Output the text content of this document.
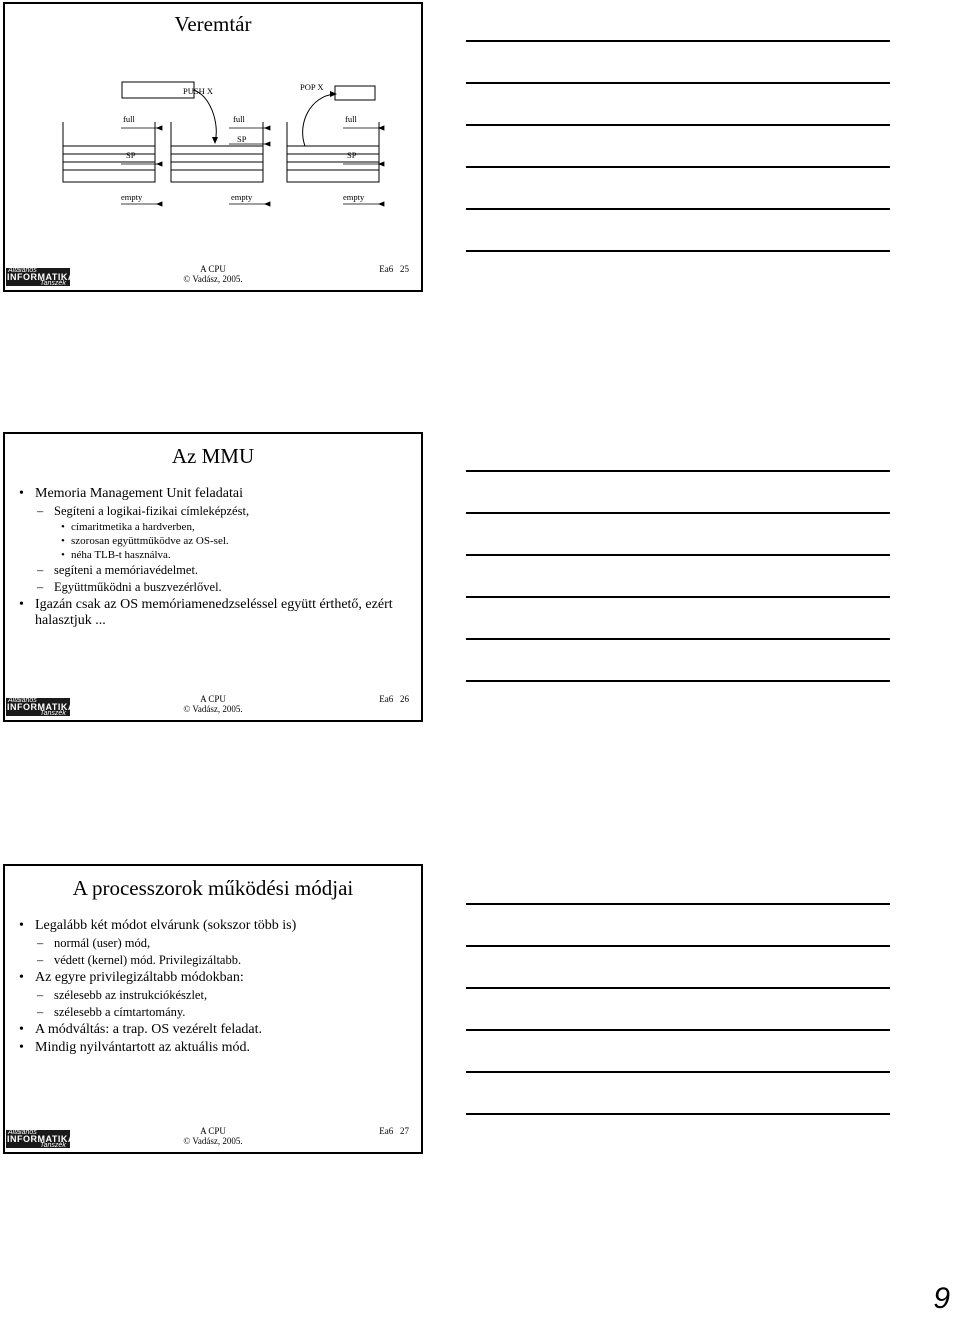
Veremtár
PUSH X	POP X
full
SP
empty
full
SP
empty
full
SP
empty
Általános
INFORMATIKAI
Tanszék
A CPU
© Vadász, 2005.
Ea6 25
Az MMU
• Memoria Management Unit feladatai
– Segíteni a logikai-fizikai címleképzést,
• címaritmetika a hardverben,
• szorosan együttműködve az OS-sel.
• néha TLB-t használva.
– segíteni a memóriavédelmet.
– Együttműködni a buszvezérlővel.
• Igazán csak az OS memóriamenedzseléssel együtt érthető, ezért halasztjuk ...
Általános
INFORMATIKAI
Tanszék
A CPU
© Vadász, 2005.
Ea6 26
A processzorok működési módjai
• Legalább két módot elvárunk (sokszor több is)
– normál (user) mód,
– védett (kernel) mód. Privilegizáltabb.
• Az egyre privilegizáltabb módokban:
– szélesebb az instrukciókészlet,
– szélesebb a címtartomány.
• A módváltás: a trap. OS vezérelt feladat.
• Mindig nyilvántartott az aktuális mód.
Általános
INFORMATIKAI
Tanszék
A CPU
© Vadász, 2005.
Ea6 27
9
